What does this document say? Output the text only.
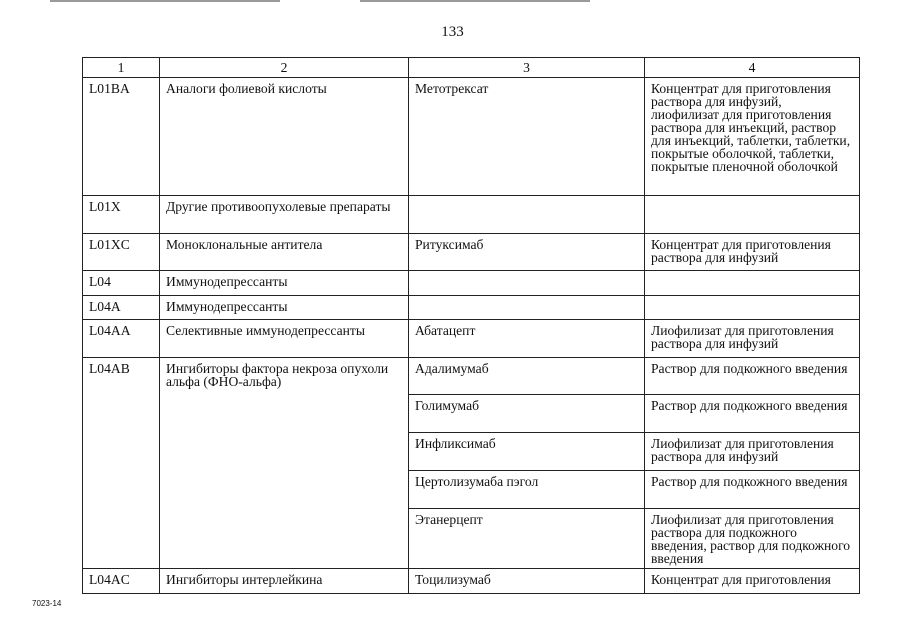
133
1	2	3	4
L01BA	Аналоги фолиевой кислоты	Метотрексат	Концентрат для приготовления раствора для инфузий, лиофилизат для приготовления раствора для инъекций, раствор для инъекций, таблетки, таблетки, покрытые оболочкой, таблетки, покрытые пленочной оболочкой
L01X	Другие противоопухолевые препараты		
L01XC	Моноклональные антитела	Ритуксимаб	Концентрат для приготовления раствора для инфузий
L04	Иммунодепрессанты		
L04A	Иммунодепрессанты		
L04AA	Селективные иммунодепрессанты	Абатацепт	Лиофилизат для приготовления раствора для инфузий
L04AB	Ингибиторы фактора некроза опухоли альфа (ФНО-альфа)	Адалимумаб	Раствор для подкожного введения
		Голимумаб	Раствор для подкожного введения
		Инфликсимаб	Лиофилизат для приготовления раствора для инфузий
		Цертолизумаба пэгол	Раствор для подкожного введения
		Этанерцепт	Лиофилизат для приготовления раствора для подкожного введения, раствор для подкожного введения
L04AC	Ингибиторы интерлейкина	Тоцилизумаб	Концентрат для приготовления
7023-14
